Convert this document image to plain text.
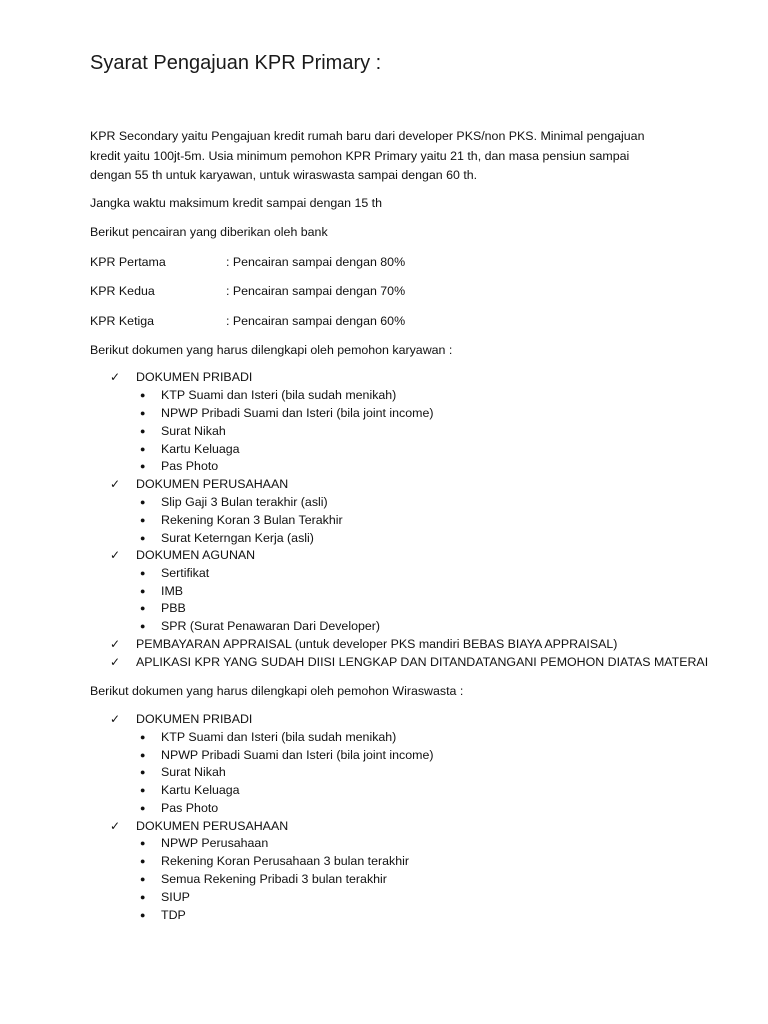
Syarat Pengajuan KPR Primary :
KPR Secondary yaitu Pengajuan kredit rumah baru dari developer PKS/non PKS. Minimal pengajuan
kredit yaitu 100jt-5m. Usia minimum pemohon KPR Primary yaitu 21 th, dan masa pensiun sampai
dengan 55 th untuk karyawan, untuk wiraswasta sampai dengan 60 th.
Jangka waktu maksimum kredit sampai dengan 15 th
Berikut pencairan yang diberikan oleh bank
KPR Pertama	: Pencairan sampai dengan 80%
KPR Kedua	: Pencairan sampai dengan 70%
KPR Ketiga	: Pencairan sampai dengan 60%
Berikut dokumen yang harus dilengkapi oleh pemohon karyawan :
✓ DOKUMEN PRIBADI
● KTP Suami dan Isteri (bila sudah menikah)
● NPWP Pribadi Suami dan Isteri (bila joint income)
● Surat Nikah
● Kartu Keluaga
● Pas Photo
✓ DOKUMEN PERUSAHAAN
● Slip Gaji 3 Bulan terakhir (asli)
● Rekening Koran 3 Bulan Terakhir
● Surat Keterngan Kerja (asli)
✓ DOKUMEN AGUNAN
● Sertifikat
● IMB
● PBB
● SPR (Surat Penawaran Dari Developer)
✓ PEMBAYARAN APPRAISAL (untuk developer PKS mandiri BEBAS BIAYA APPRAISAL)
✓ APLIKASI KPR YANG SUDAH DIISI LENGKAP DAN DITANDATANGANI PEMOHON DIATAS MATERAI
Berikut dokumen yang harus dilengkapi oleh pemohon Wiraswasta :
✓ DOKUMEN PRIBADI
● KTP Suami dan Isteri (bila sudah menikah)
● NPWP Pribadi Suami dan Isteri (bila joint income)
● Surat Nikah
● Kartu Keluaga
● Pas Photo
✓ DOKUMEN PERUSAHAAN
● NPWP Perusahaan
● Rekening Koran Perusahaan 3 bulan terakhir
● Semua Rekening Pribadi 3 bulan terakhir
● SIUP
● TDP
